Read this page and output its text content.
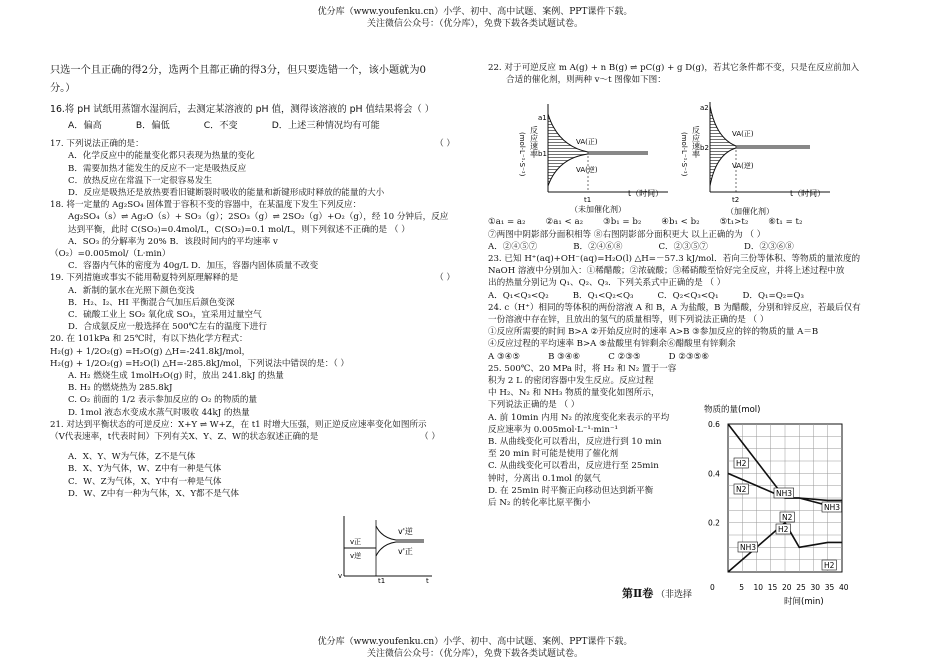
优分库（www.youfenku.cn）小学、初中、高中试题、案例、PPT课件下载。
关注微信公众号：（优分库），免费下载各类试题试卷。
只选一个且正确的得2分，选两个且都正确的得3分，但只要选错一个，该小题就为0
分。）
16.将 pH 试纸用蒸馏水湿润后，去测定某溶液的 pH 值，测得该溶液的 pH 值结果将会（ ）
A．偏高	B．偏低	C．不变	D．上述三种情况均有可能
17. 下列说法正确的是：	（ ）
A．化学反应中的能量变化都只表现为热量的变化
B．需要加热才能发生的反应不一定是吸热反应
C．放热反应在常温下一定很容易发生
D．反应是吸热还是放热要看旧键断裂时吸收的能量和新键形成时释放的能量的大小
18. 将一定量的 Ag₂SO₄ 固体置于容积不变的容器中，在某温度下发生下列反应：
Ag₂SO₄（s）⇌ Ag₂O（s）+ SO₃（g）；2SO₃（g）⇌ 2SO₂（g）+O₂（g），经 10 分钟后，反应
达到平衡，此时 C(SO₃)=0.4mol/L，C(SO₂)=0.1 mol/L，则下列叙述不正确的是 （ ）
A．SO₃ 的分解率为 20% B．该段时间内的平均速率 v
（O₂）=0.005mol/（L·min）
C．容器内气体的密度为 40g/L D．加压，容器内固体质量不改变
19. 下列措施或事实不能用勒夏特列原理解释的是	（ ）
A．新制的氯水在光照下颜色变浅
B．H₂、I₂、HI 平衡混合气加压后颜色变深
C．硫酸工业上 SO₂ 氧化成 SO₃，宜采用过量空气
D．合成氨反应一般选择在 500℃左右的温度下进行
20. 在 101kPa 和 25℃时，有以下热化学方程式：
H₂(g) + 1/2O₂(g) =H₂O(g) △H=-241.8kJ/mol，
H₂(g) + 1/2O₂(g) =H₂O(l) △H=-285.8kJ/mol，下列说法中错误的是：（ ）
A. H₂ 燃烧生成 1molH₂O(g) 时，放出 241.8kJ 的热量
B. H₂ 的燃烧热为 285.8kJ
C. O₂ 前面的 1/2 表示参加反应的 O₂ 的物质的量
D. 1mol 液态水变成水蒸气时吸收 44kJ 的热量
21. 对达到平衡状态的可逆反应：X+Y ⇌ W+Z，在 t1 时增大压强，则正逆反应速率变化如图所示
（V代表速率，t代表时间）下列有关X、Y、Z、W的状态叙述正确的是	（ ）
A．X、Y、W为气体，Z不是气体
B．X、Y为气体，W、Z中有一种是气体
C．W、Z为气体，X、Y中有一种是气体
D．W、Z中有一种为气体，X、Y都不是气体
v
t1	t
v'逆
v'正
v正
v逆
22. 对于可逆反应 m A(g) + n B(g) ⇌ pC(g) + g D(g)，若其它条件都不变，只是在反应前加入
合适的催化剂，则两种 v～t 图像如下图：
①a₁ = a₂ ②a₁ < a₂ ③b₁ = b₂ ④b₁ < b₂ ⑤t₁>t₂ ⑥t₁ = t₂
⑦两图中阴影部分面积相等 ⑧右图阴影部分面积更大 以上正确的为 （ ）
A．②④⑤⑦	B．②④⑥⑧	C．②③⑤⑦	D．②③⑥⑧
23. 已知 H⁺(aq)+OH⁻(aq)=H₂O(l) △H=－57.3 kJ/mol．若向三份等体积、等物质的量浓度的
NaOH 溶液中分别加入：①稀醋酸；②浓硫酸；③稀硝酸至恰好完全反应，并将上述过程中放
出的热量分别记为 Q₁、Q₂、Q₃．下列关系式中正确的是 （ ）
A．Q₁<Q₃<Q₂	B．Q₁<Q₂<Q₃	C．Q₂<Q₃<Q₁	D．Q₁=Q₂=Q₃
24. c（H⁺）相同的等体积的两份溶液 A 和 B，A 为盐酸，B 为醋酸，分别和锌反应，若最后仅有
一份溶液中存在锌，且放出的氢气的质量相等，则下列说法正确的是 （ ）
①反应所需要的时间 B>A ②开始反应时的速率 A>B ③参加反应的锌的物质的量 A＝B
④反应过程的平均速率 B>A ⑤盐酸里有锌剩余⑥醋酸里有锌剩余
A ③④⑤	B ③④⑥	C ②③⑤	D ②③⑤⑥
25. 500℃、20 MPa 时，将 H₂ 和 N₂ 置于一容
积为 2 L 的密闭容器中发生反应。反应过程
中 H₂、N₂ 和 NH₃ 物质的量变化如图所示，
下列说法正确的是 （ ）
A. 前 10min 内用 N₂ 的浓度变化来表示的平均
反应速率为 0.005mol·L⁻¹·min⁻¹
B. 从曲线变化可以看出，反应进行到 10 min
至 20 min 时可能是使用了催化剂
C. 从曲线变化可以看出，反应进行至 25min
钟时，分离出 0.1mol 的氨气
D. 在 25min 时平衡正向移动但达到新平衡
后 N₂ 的转化率比原平衡小
(mol·L⁻¹·S⁻¹) 反应速率
a1
b1
VA(正)
VA(逆)
t1
t（时间）
（未加催化剂）
(mol·L⁻¹·S⁻¹) 反应速率
a2
b2
VA(正)
VA(逆)
t2
t（时间）
（加催化剂）
物质的量(mol)
0.2
0.4
0.6
0	5 10 15 20 25 30 35 40
H2
N2	NH3
N2
H2
NH3
NH3
H2
时间(min)
第Ⅱ卷 （非选择
优分库（www.youfenku.cn）小学、初中、高中试题、案例、PPT课件下载。
关注微信公众号：（优分库），免费下载各类试题试卷。
